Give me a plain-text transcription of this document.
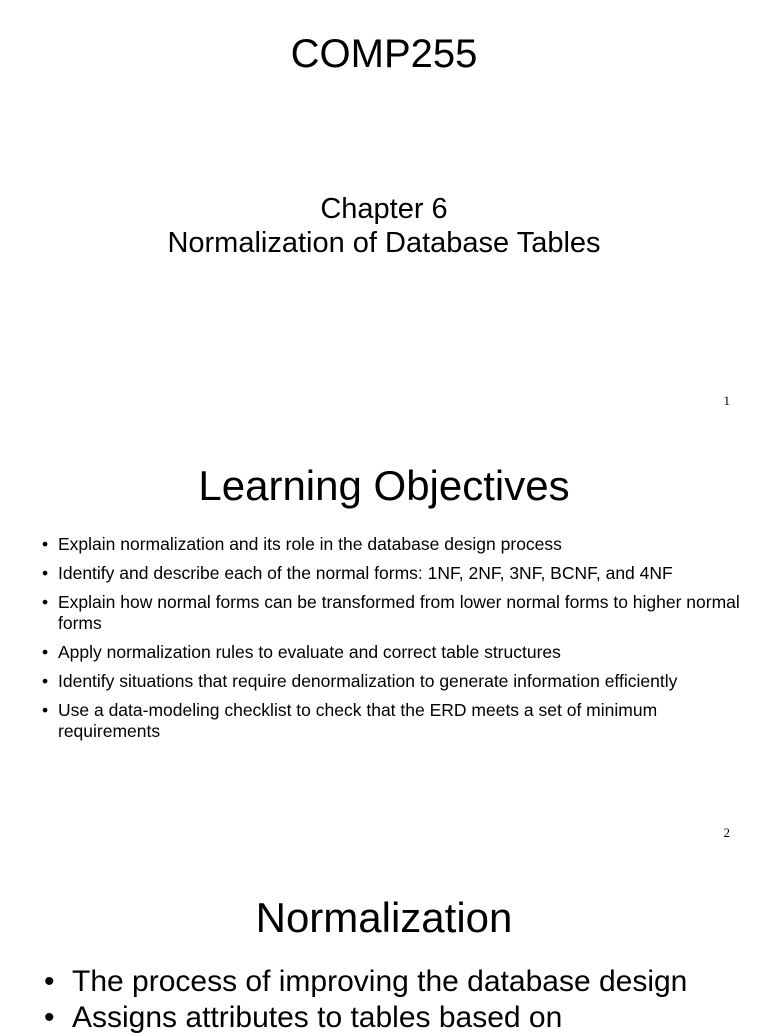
COMP255
Chapter 6
Normalization of Database Tables
1
Learning Objectives
• Explain normalization and its role in the database design process
• Identify and describe each of the normal forms: 1NF, 2NF, 3NF, BCNF, and 4NF
• Explain how normal forms can be transformed from lower normal forms to higher normal forms
• Apply normalization rules to evaluate and correct table structures
• Identify situations that require denormalization to generate information efficiently
• Use a data-modeling checklist to check that the ERD meets a set of minimum requirements
2
Normalization
• The process of improving the database design
• Assigns attributes to tables based on
